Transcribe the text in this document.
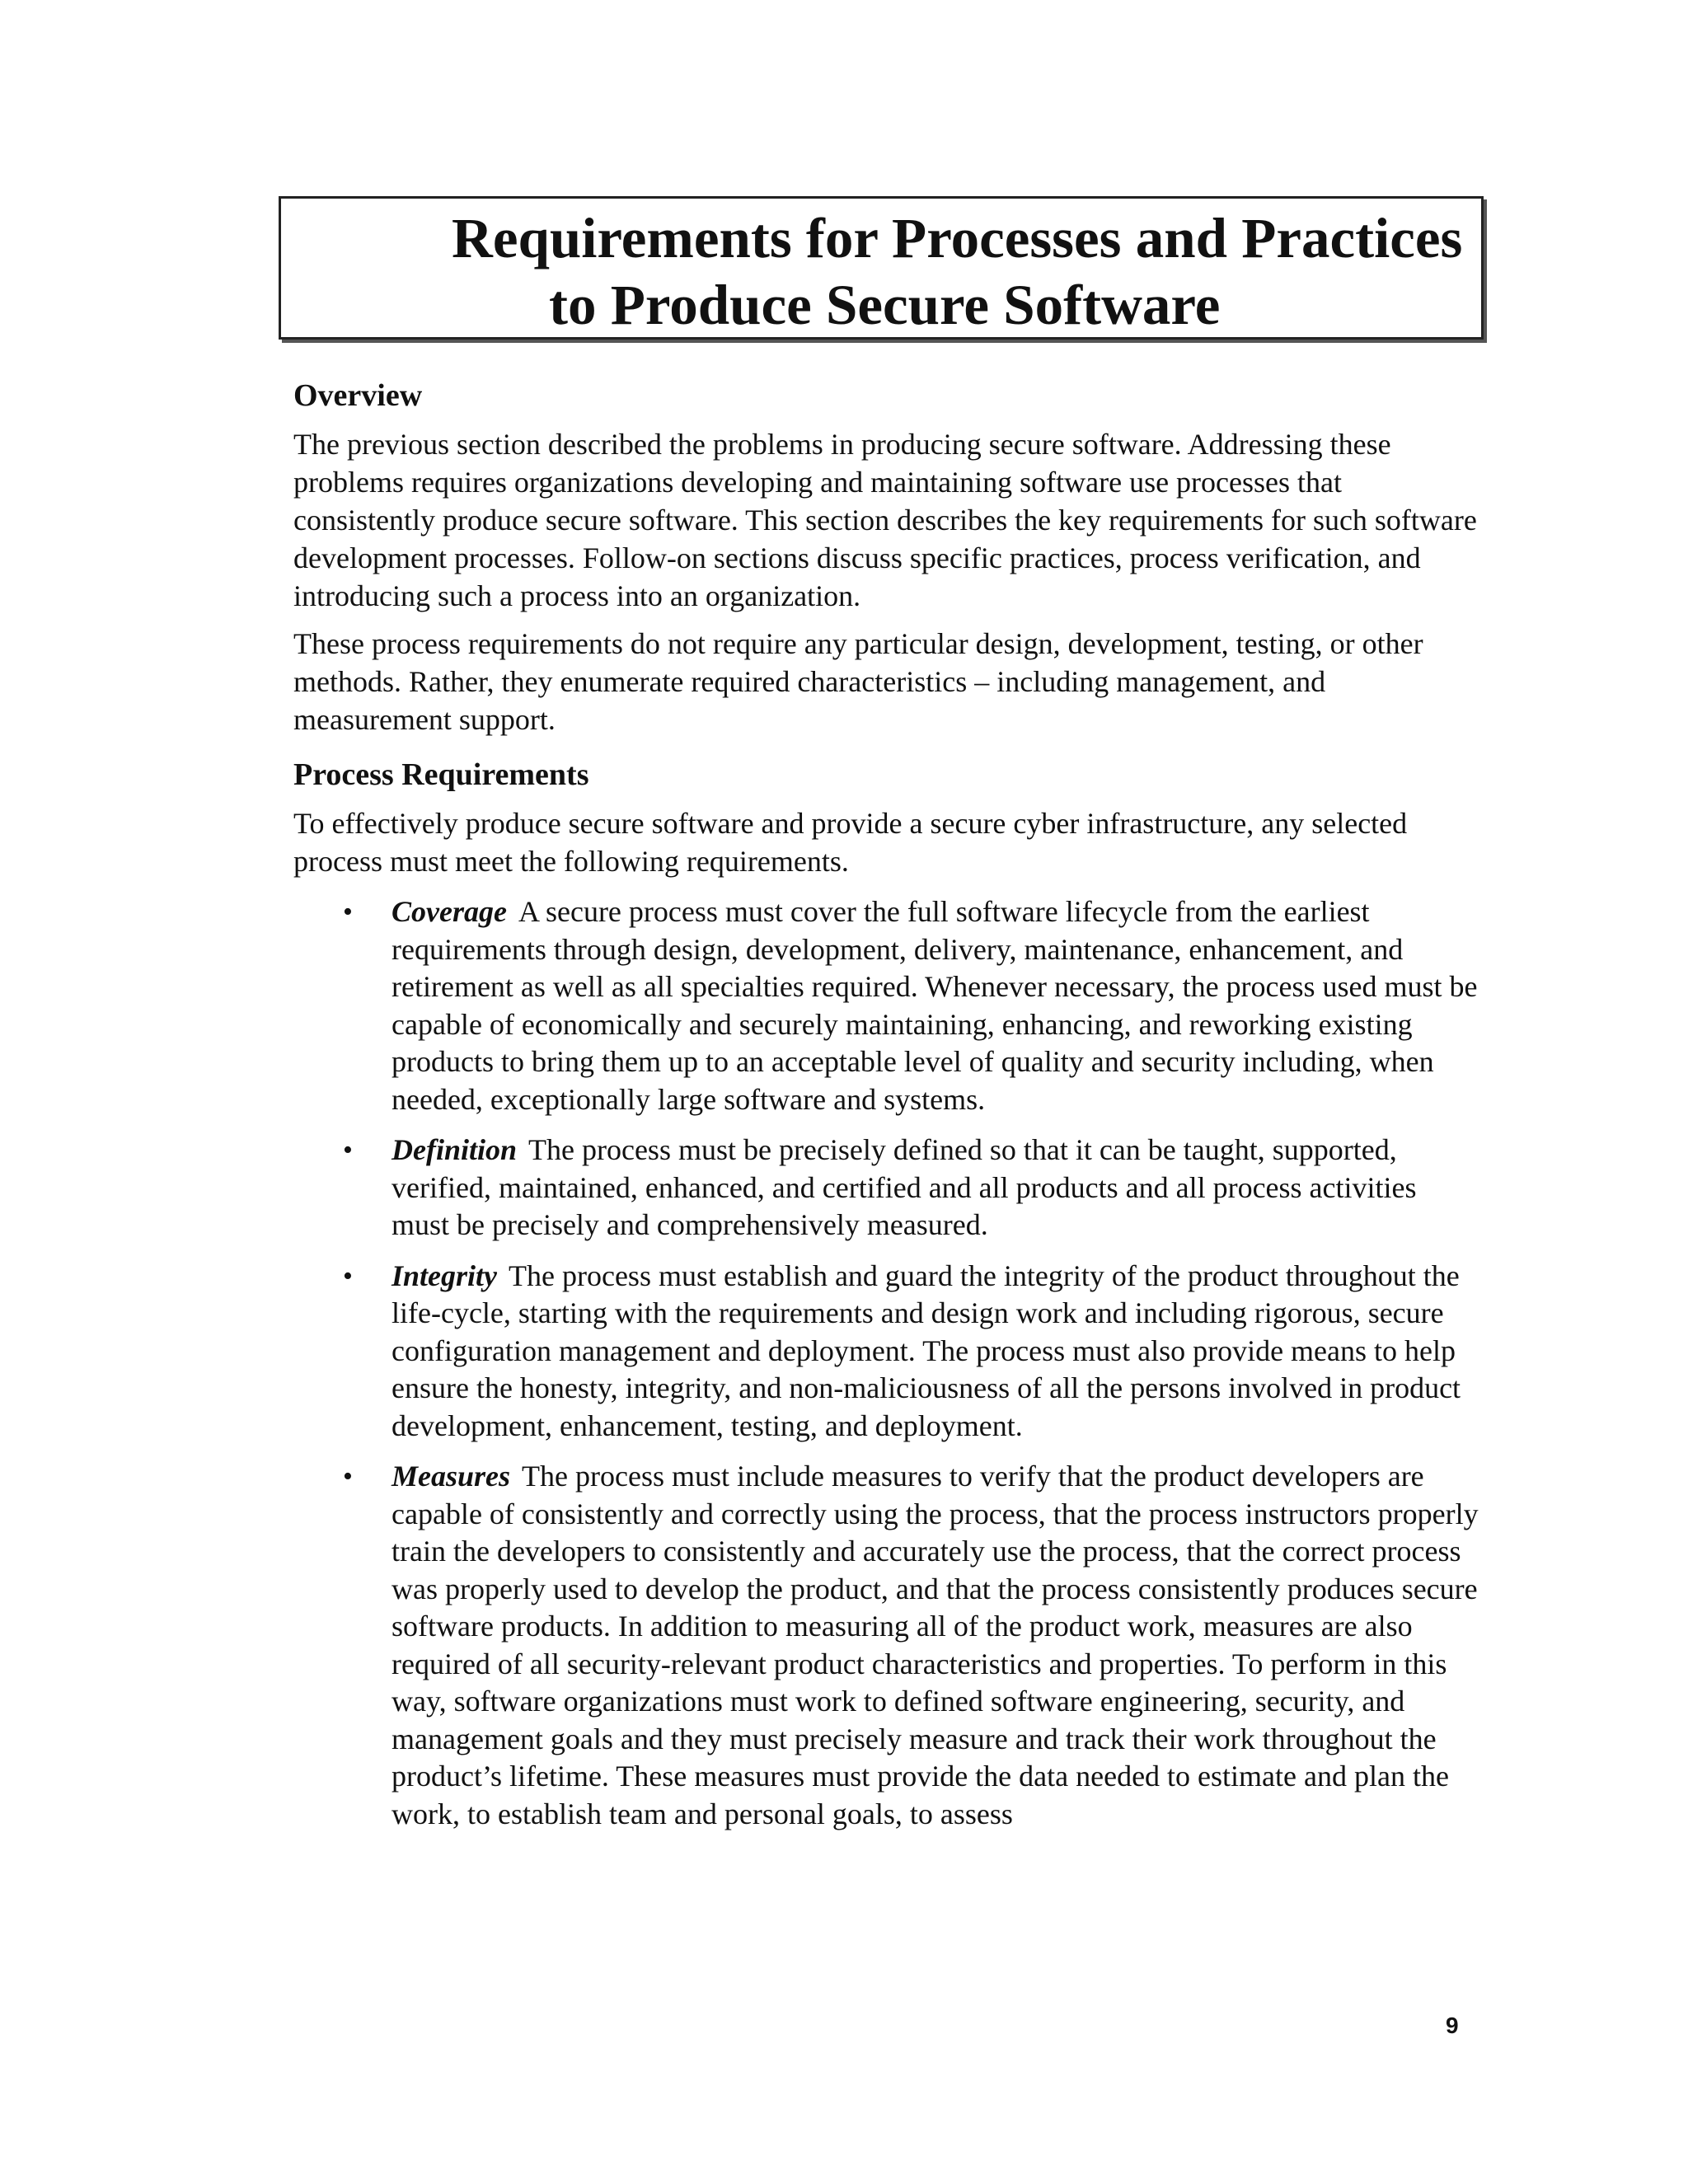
Requirements for Processes and Practices

to Produce Secure Software

Overview

The previous section described the problems in producing secure software. Addressing these problems requires organizations developing and maintaining software use processes that consistently produce secure software. This section describes the key requirements for such software development processes. Follow-on sections discuss specific practices, process verification, and introducing such a process into an organization.

These process requirements do not require any particular design, development, testing, or other methods. Rather, they enumerate required characteristics – including management, and measurement support.

Process Requirements

To effectively produce secure software and provide a secure cyber infrastructure, any selected process must meet the following requirements.

• Coverage A secure process must cover the full software lifecycle from the earliest requirements through design, development, delivery, maintenance, enhancement, and retirement as well as all specialties required. Whenever necessary, the process used must be capable of economically and securely maintaining, enhancing, and reworking existing products to bring them up to an acceptable level of quality and security including, when needed, exceptionally large software and systems.
• Definition The process must be precisely defined so that it can be taught, supported, verified, maintained, enhanced, and certified and all products and all process activities must be precisely and comprehensively measured.
• Integrity The process must establish and guard the integrity of the product throughout the life-cycle, starting with the requirements and design work and including rigorous, secure configuration management and deployment. The process must also provide means to help ensure the honesty, integrity, and non-maliciousness of all the persons involved in product development, enhancement, testing, and deployment.
• Measures The process must include measures to verify that the product developers are capable of consistently and correctly using the process, that the process instructors properly train the developers to consistently and accurately use the process, that the correct process was properly used to develop the product, and that the process consistently produces secure software products. In addition to measuring all of the product work, measures are also required of all security-relevant product characteristics and properties. To perform in this way, software organizations must work to defined software engineering, security, and management goals and they must precisely measure and track their work throughout the product’s lifetime. These measures must provide the data needed to estimate and plan the work, to establish team and personal goals, to assess
9
